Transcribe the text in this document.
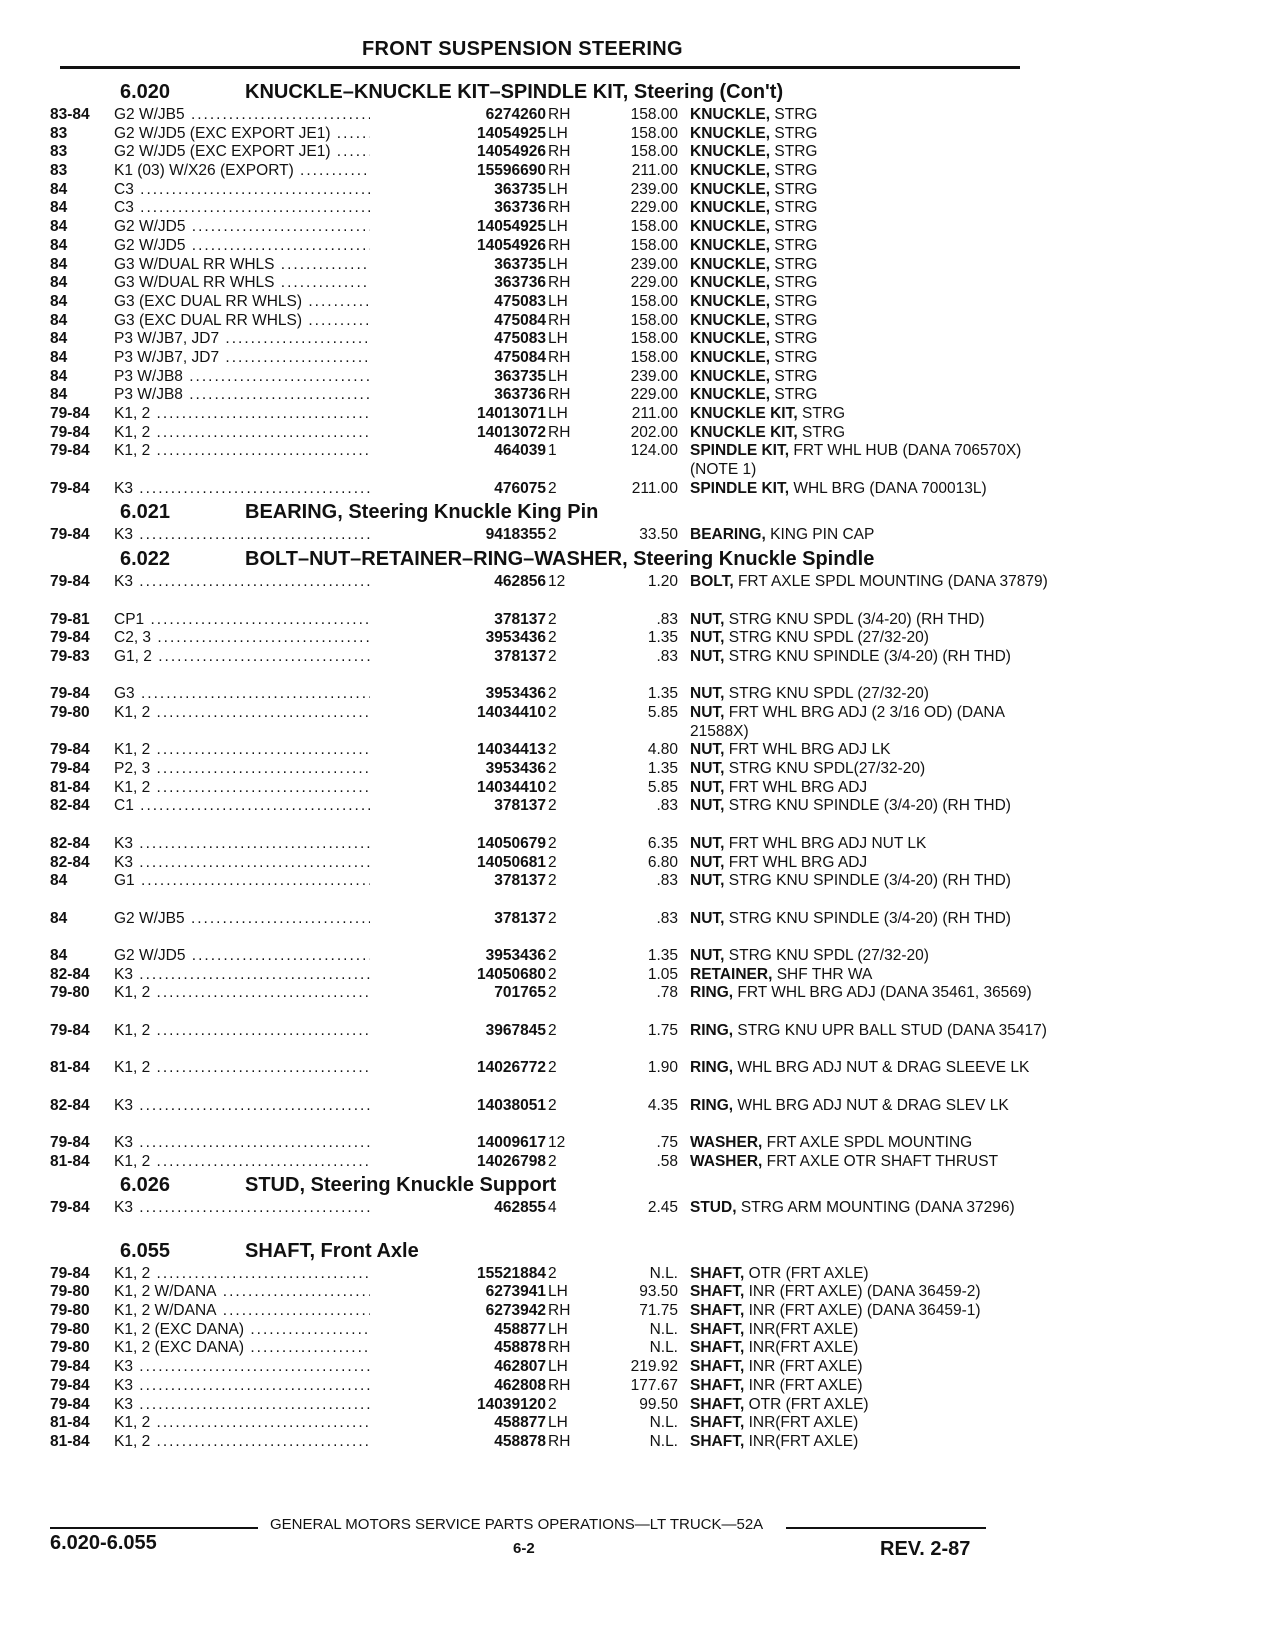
FRONT SUSPENSION STEERING
6.020	KNUCKLE–KNUCKLE KIT–SPINDLE KIT, Steering (Con't)
83-84	G2 W/JB5 .....	6274260 RH	158.00 KNUCKLE, STRG
83	G2 W/JD5 (EXC EXPORT JE1) .....	14054925 LH	158.00 KNUCKLE, STRG
83	G2 W/JD5 (EXC EXPORT JE1) .....	14054926 RH	158.00 KNUCKLE, STRG
83	K1 (03) W/X26 (EXPORT) .....	15596690 RH	211.00 KNUCKLE, STRG
84	C3 .....	363735 LH	239.00 KNUCKLE, STRG
84	C3 .....	363736 RH	229.00 KNUCKLE, STRG
84	G2 W/JD5 .....	14054925 LH	158.00 KNUCKLE, STRG
84	G2 W/JD5 .....	14054926 RH	158.00 KNUCKLE, STRG
84	G3 W/DUAL RR WHLS .....	363735 LH	239.00 KNUCKLE, STRG
84	G3 W/DUAL RR WHLS .....	363736 RH	229.00 KNUCKLE, STRG
84	G3 (EXC DUAL RR WHLS) .....	475083 LH	158.00 KNUCKLE, STRG
84	G3 (EXC DUAL RR WHLS) .....	475084 RH	158.00 KNUCKLE, STRG
84	P3 W/JB7, JD7 .....	475083 LH	158.00 KNUCKLE, STRG
84	P3 W/JB7, JD7 .....	475084 RH	158.00 KNUCKLE, STRG
84	P3 W/JB8 .....	363735 LH	239.00 KNUCKLE, STRG
84	P3 W/JB8 .....	363736 RH	229.00 KNUCKLE, STRG
79-84	K1, 2 .....	14013071 LH	211.00 KNUCKLE KIT, STRG
79-84	K1, 2 .....	14013072 RH	202.00 KNUCKLE KIT, STRG
79-84	K1, 2 .....	464039 1	124.00 SPINDLE KIT, FRT WHL HUB (DANA 706570X) (NOTE 1)
79-84	K3 .....	476075 2	211.00 SPINDLE KIT, WHL BRG (DANA 700013L)
6.021	BEARING, Steering Knuckle King Pin
79-84	K3 .....	9418355 2	33.50 BEARING, KING PIN CAP
6.022	BOLT–NUT–RETAINER–RING–WASHER, Steering Knuckle Spindle
79-84	K3 .....	462856 12	1.20 BOLT, FRT AXLE SPDL MOUNTING (DANA 37879)
79-81	CP1 .....	378137 2	.83 NUT, STRG KNU SPDL (3/4-20) (RH THD)
79-84	C2, 3 .....	3953436 2	1.35 NUT, STRG KNU SPDL (27/32-20)
79-83	G1, 2 .....	378137 2	.83 NUT, STRG KNU SPINDLE (3/4-20) (RH THD)
79-84	G3 .....	3953436 2	1.35 NUT, STRG KNU SPDL (27/32-20)
79-80	K1, 2 .....	14034410 2	5.85 NUT, FRT WHL BRG ADJ (2 3/16 OD) (DANA 21588X)
79-84	K1, 2 .....	14034413 2	4.80 NUT, FRT WHL BRG ADJ LK
79-84	P2, 3 .....	3953436 2	1.35 NUT, STRG KNU SPDL(27/32-20)
81-84	K1, 2 .....	14034410 2	5.85 NUT, FRT WHL BRG ADJ
82-84	C1 .....	378137 2	.83 NUT, STRG KNU SPINDLE (3/4-20) (RH THD)
82-84	K3 .....	14050679 2	6.35 NUT, FRT WHL BRG ADJ NUT LK
82-84	K3 .....	14050681 2	6.80 NUT, FRT WHL BRG ADJ
84	G1 .....	378137 2	.83 NUT, STRG KNU SPINDLE (3/4-20) (RH THD)
84	G2 W/JB5 .....	378137 2	.83 NUT, STRG KNU SPINDLE (3/4-20) (RH THD)
84	G2 W/JD5 .....	3953436 2	1.35 NUT, STRG KNU SPDL (27/32-20)
82-84	K3 .....	14050680 2	1.05 RETAINER, SHF THR WA
79-80	K1, 2 .....	701765 2	.78 RING, FRT WHL BRG ADJ (DANA 35461, 36569)
79-84	K1, 2 .....	3967845 2	1.75 RING, STRG KNU UPR BALL STUD (DANA 35417)
81-84	K1, 2 .....	14026772 2	1.90 RING, WHL BRG ADJ NUT & DRAG SLEEVE LK
82-84	K3 .....	14038051 2	4.35 RING, WHL BRG ADJ NUT & DRAG SLEV LK
79-84	K3 .....	14009617 12	.75 WASHER, FRT AXLE SPDL MOUNTING
81-84	K1, 2 .....	14026798 2	.58 WASHER, FRT AXLE OTR SHAFT THRUST
6.026	STUD, Steering Knuckle Support
79-84	K3 .....	462855 4	2.45 STUD, STRG ARM MOUNTING (DANA 37296)
6.055	SHAFT, Front Axle
79-84	K1, 2 .....	15521884 2	N.L. SHAFT, OTR (FRT AXLE)
79-80	K1, 2 W/DANA .....	6273941 LH	93.50 SHAFT, INR (FRT AXLE) (DANA 36459-2)
79-80	K1, 2 W/DANA .....	6273942 RH	71.75 SHAFT, INR (FRT AXLE) (DANA 36459-1)
79-80	K1, 2 (EXC DANA) .....	458877 LH	N.L. SHAFT, INR(FRT AXLE)
79-80	K1, 2 (EXC DANA) .....	458878 RH	N.L. SHAFT, INR(FRT AXLE)
79-84	K3 .....	462807 LH	219.92 SHAFT, INR (FRT AXLE)
79-84	K3 .....	462808 RH	177.67 SHAFT, INR (FRT AXLE)
79-84	K3 .....	14039120 2	99.50 SHAFT, OTR (FRT AXLE)
81-84	K1, 2 .....	458877 LH	N.L. SHAFT, INR(FRT AXLE)
81-84	K1, 2 .....	458878 RH	N.L. SHAFT, INR(FRT AXLE)
GENERAL MOTORS SERVICE PARTS OPERATIONS—LT TRUCK—52A
6.020-6.055	6-2	REV. 2-87
